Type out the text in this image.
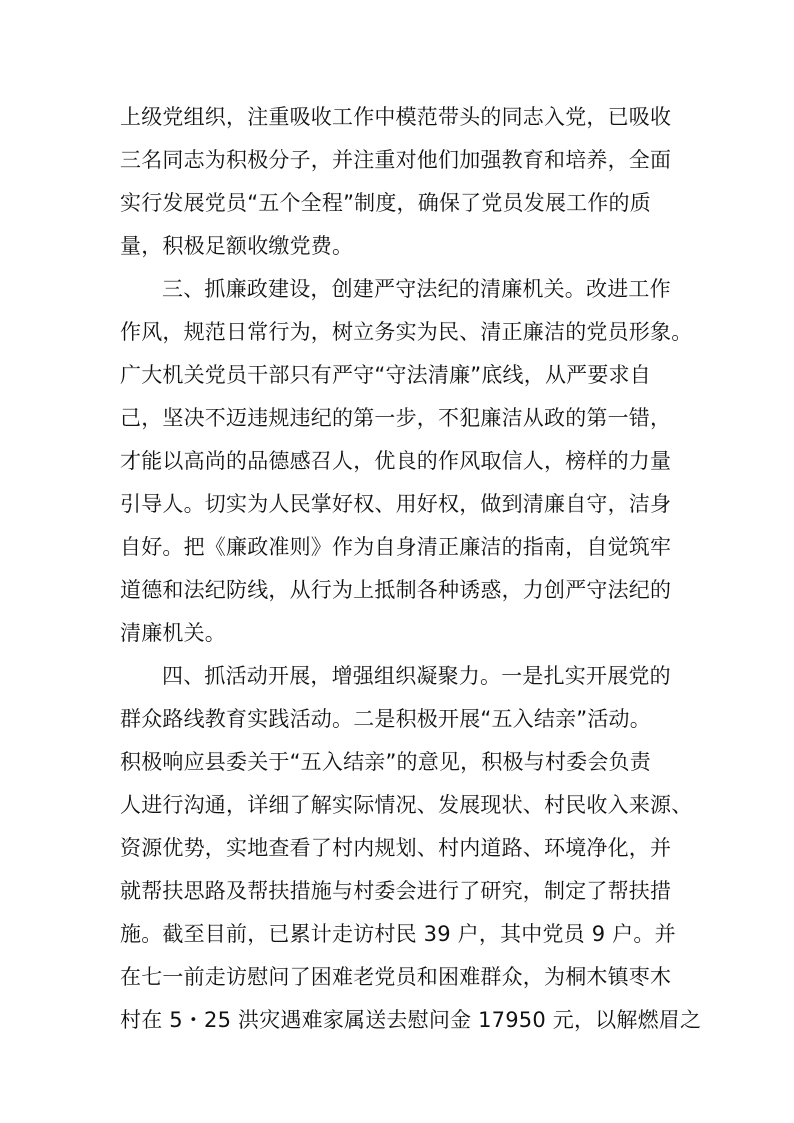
上级党组织，注重吸收工作中模范带头的同志入党，已吸收
三名同志为积极分子，并注重对他们加强教育和培养，全面
实行发展党员“五个全程”制度，确保了党员发展工作的质
量，积极足额收缴党费。
三、抓廉政建设，创建严守法纪的清廉机关。改进工作
作风，规范日常行为，树立务实为民、清正廉洁的党员形象。
广大机关党员干部只有严守“守法清廉”底线，从严要求自
己，坚决不迈违规违纪的第一步，不犯廉洁从政的第一错，
才能以高尚的品德感召人，优良的作风取信人，榜样的力量
引导人。切实为人民掌好权、用好权，做到清廉自守，洁身
自好。把《廉政准则》作为自身清正廉洁的指南，自觉筑牢
道德和法纪防线，从行为上抵制各种诱惑，力创严守法纪的
清廉机关。
四、抓活动开展，增强组织凝聚力。一是扎实开展党的
群众路线教育实践活动。二是积极开展“五入结亲”活动。
积极响应县委关于“五入结亲”的意见，积极与村委会负责
人进行沟通，详细了解实际情况、发展现状、村民收入来源、
资源优势，实地查看了村内规划、村内道路、环境净化，并
就帮扶思路及帮扶措施与村委会进行了研究，制定了帮扶措
施。截至目前，已累计走访村民 39 户，其中党员 9 户。并
在七一前走访慰问了困难老党员和困难群众，为桐木镇枣木
村在 5・25 洪灾遇难家属送去慰问金 17950 元，以解燃眉之
